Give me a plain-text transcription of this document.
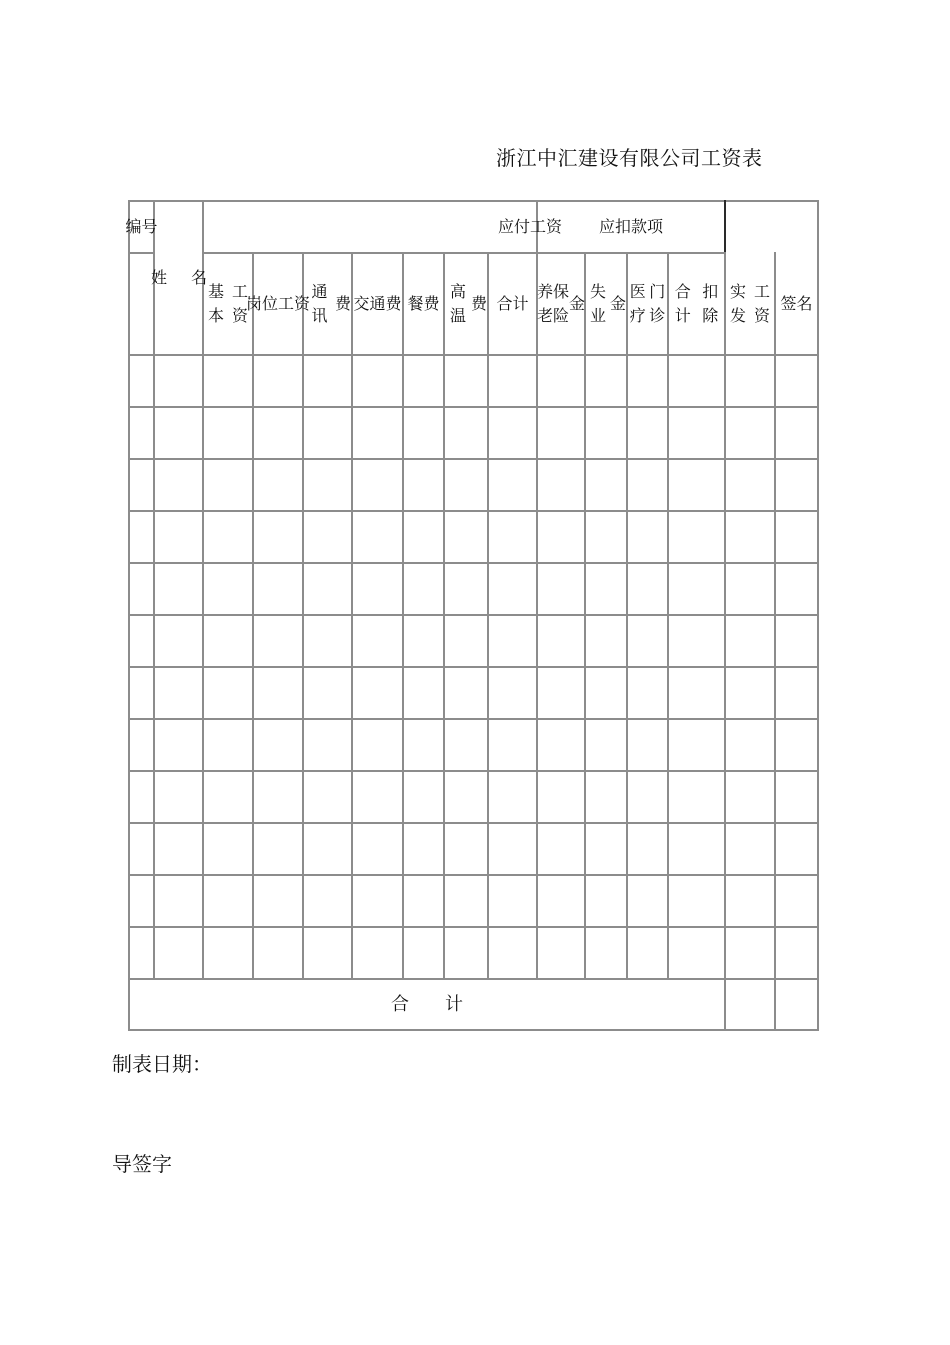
浙江中汇建设有限公司工资表
编 号
姓 名
应付工资 应扣款项
基本
工资
岗 位 工 资
通讯
费 交通 费 餐费
高温
费 合计
养老
保险
金
失业
金
医疗
门诊
合计
扣除
实发
工资
签名
合　　计
制表日期：
导签字
